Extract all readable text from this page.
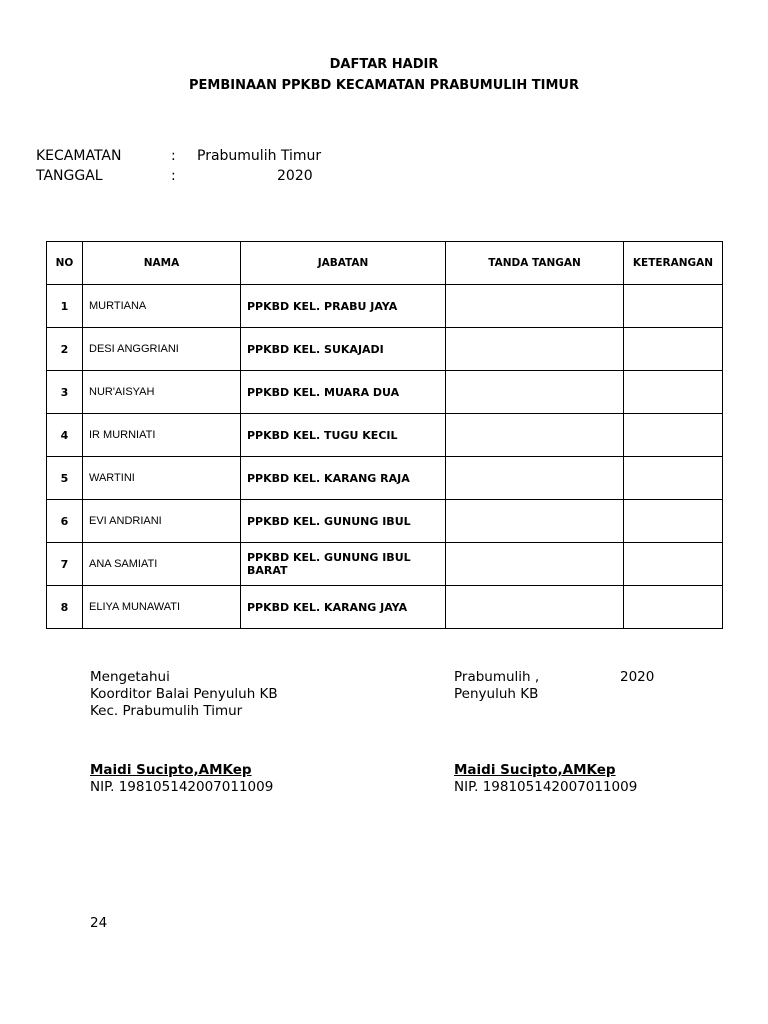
DAFTAR HADIR
PEMBINAAN PPKBD KECAMATAN PRABUMULIH TIMUR
KECAMATAN	: Prabumulih Timur
TANGGAL	:	2020
NO	NAMA	JABATAN	TANDA TANGAN	KETERANGAN
1	MURTIANA	PPKBD KEL. PRABU JAYA		
2	DESI ANGGRIANI	PPKBD KEL. SUKAJADI		
3	NUR'AISYAH	PPKBD KEL. MUARA DUA		
4	IR MURNIATI	PPKBD KEL. TUGU KECIL		
5	WARTINI	PPKBD KEL. KARANG RAJA		
6	EVI ANDRIANI	PPKBD KEL. GUNUNG IBUL		
7	ANA SAMIATI	PPKBD KEL. GUNUNG IBUL BARAT		
8	ELIYA MUNAWATI	PPKBD KEL. KARANG JAYA		
Mengetahui
Koorditor Balai Penyuluh KB
Kec. Prabumulih Timur
Maidi Sucipto,AMKep
NIP. 198105142007011009
Prabumulih ,	2020
Penyuluh KB
Maidi Sucipto,AMKep
NIP. 198105142007011009
24
